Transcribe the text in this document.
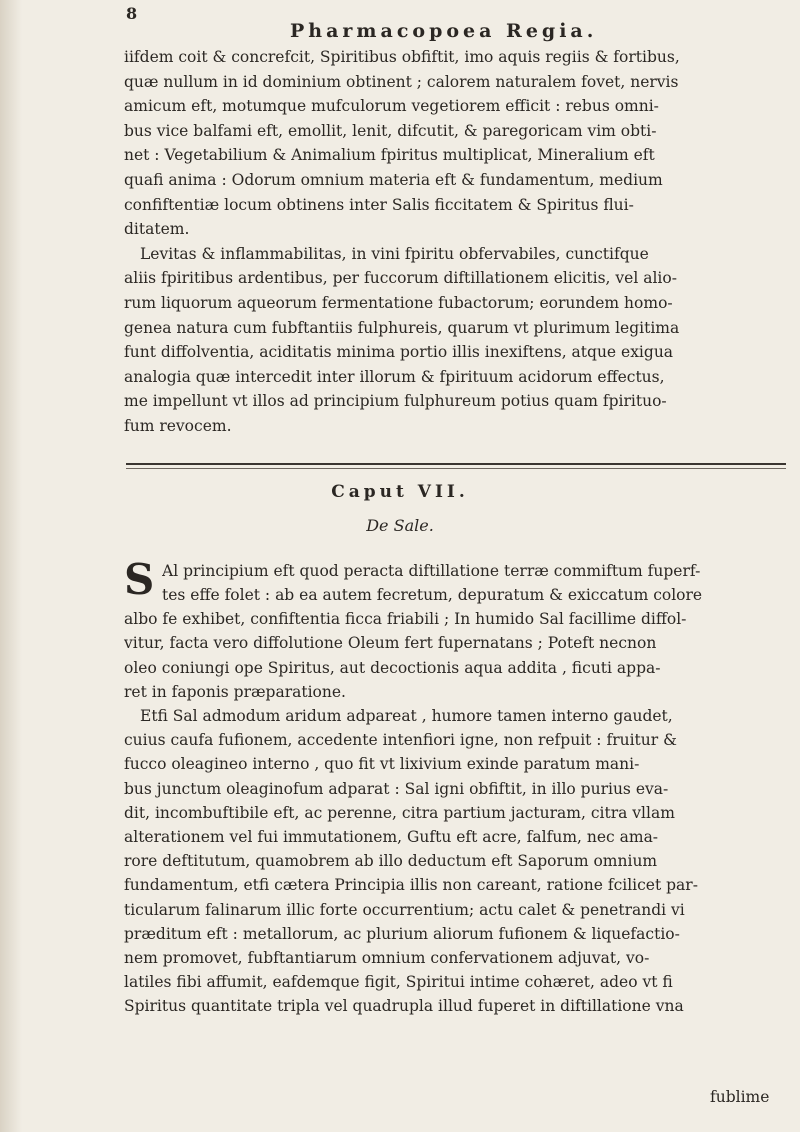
8
Pharmacopoea Regia.
iifdem coit & concrefcit, Spiritibus obfiftit, imo aquis regiis & fortibus,
quæ nullum in id dominium obtinent ; calorem naturalem fovet, nervis
amicum eft, motumque mufculorum vegetiorem efficit : rebus omni-
bus vice balfami eft, emollit, lenit, difcutit, & paregoricam vim obti-
net : Vegetabilium & Animalium fpiritus multiplicat, Mineralium eft
quafi anima : Odorum omnium materia eft & fundamentum, medium
confiftentiæ locum obtinens inter Salis ficcitatem & Spiritus flui-
ditatem.
Levitas & inflammabilitas, in vini fpiritu obfervabiles, cunctifque
aliis fpiritibus ardentibus, per fuccorum diftillationem elicitis, vel alio-
rum liquorum aqueorum fermentatione fubactorum; eorundem homo-
genea natura cum fubftantiis fulphureis, quarum vt plurimum legitima
funt diffolventia, aciditatis minima portio illis inexiftens, atque exigua
analogia quæ intercedit inter illorum & fpirituum acidorum effectus,
me impellunt vt illos ad principium fulphureum potius quam fpirituo-
fum revocem.
Caput VII.
De Sale.
S Al principium eft quod peracta diftillatione terræ commiftum fuperf-
tes effe folet : ab ea autem fecretum, depuratum & exiccatum colore
albo fe exhibet, confiftentia ficca friabili ; In humido Sal facillime diffol-
vitur, facta vero diffolutione Oleum fert fupernatans ; Poteft necnon
oleo coniungi ope Spiritus, aut decoctionis aqua addita , ficuti appa-
ret in faponis præparatione.
Etfi Sal admodum aridum adpareat , humore tamen interno gaudet,
cuius caufa fufionem, accedente intenfiori igne, non refpuit : fruitur &
fucco oleagineo interno , quo fit vt lixivium exinde paratum mani-
bus junctum oleaginofum adparat : Sal igni obfiftit, in illo purius eva-
dit, incombuftibile eft, ac perenne, citra partium jacturam, citra vllam
alterationem vel fui immutationem, Guftu eft acre, falfum, nec ama-
rore deftitutum, quamobrem ab illo deductum eft Saporum omnium
fundamentum, etfi cætera Principia illis non careant, ratione fcilicet par-
ticularum falinarum illic forte occurrentium; actu calet & penetrandi vi
præditum eft : metallorum, ac plurium aliorum fufionem & liquefactio-
nem promovet, fubftantiarum omnium confervationem adjuvat, vo-
latiles fibi affumit, eafdemque figit, Spiritui intime cohæret, adeo vt fi
Spiritus quantitate tripla vel quadrupla illud fuperet in diftillatione vna
fublime
